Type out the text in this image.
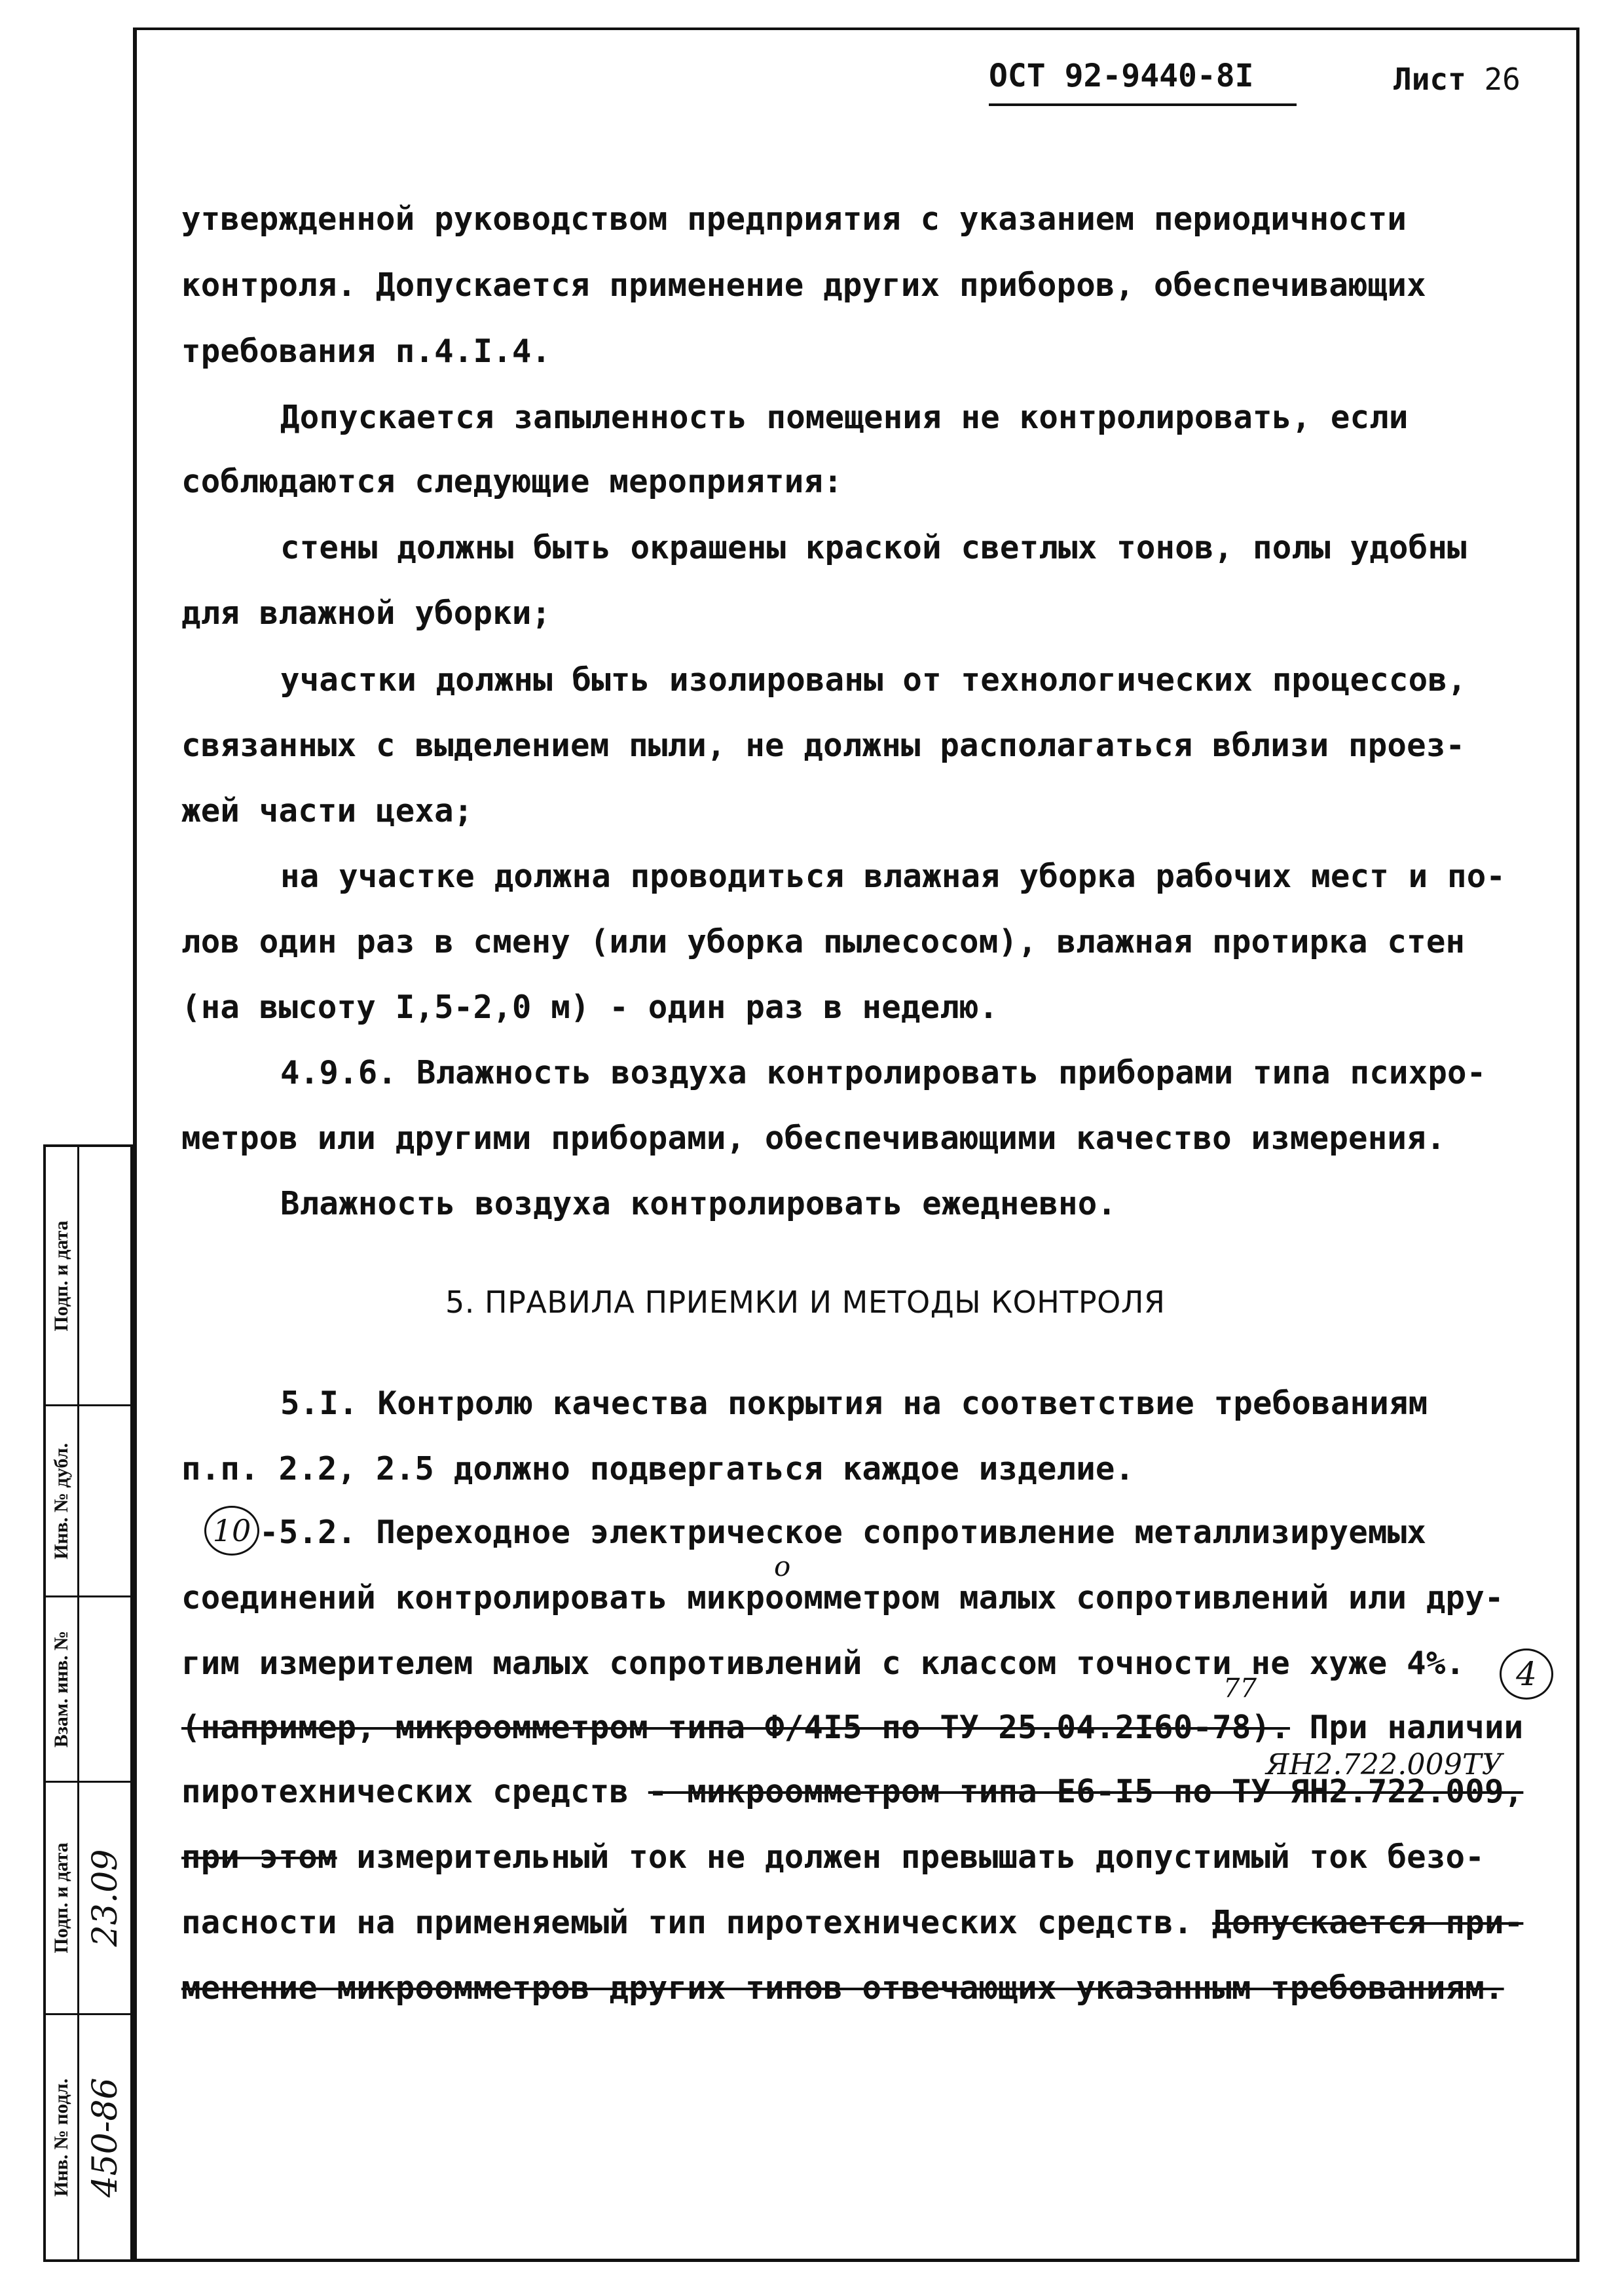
ОСТ 92-9440-8I	Лист 26
утвержденной руководством предприятия с указанием периодичности
контроля. Допускается применение других приборов, обеспечивающих
требования п.4.I.4.
Допускается запыленность помещения не контролировать, если
соблюдаются следующие мероприятия:
стены должны быть окрашены краской светлых тонов, полы удобны
для влажной уборки;
участки должны быть изолированы от технологических процессов,
связанных с выделением пыли, не должны располагаться вблизи проез-
жей части цеха;
на участке должна проводиться влажная уборка рабочих мест и по-
лов один раз в смену (или уборка пылесосом), влажная протирка стен
(на высоту I,5-2,0 м) - один раз в неделю.
4.9.6. Влажность воздуха контролировать приборами типа психро-
метров или другими приборами, обеспечивающими качество измерения.
Влажность воздуха контролировать ежедневно.
5. ПРАВИЛА ПРИЕМКИ И МЕТОДЫ КОНТРОЛЯ
5.I. Контролю качества покрытия на соответствие требованиям
п.п. 2.2, 2.5 должно подвергаться каждое изделие.
10 -5.2. Переходное электрическое сопротивление металлизируемых
о
соединений контролировать микроомметром малых сопротивлений или дру-
гим измерителем малых сопротивлений с классом точности не хуже 4%. 4
77
(например, микроомметром типа Ф/4I5 по ТУ 25.04.2I60-78). При наличии
ЯН2.722.009ТУ
пиротехнических средств - микроомметром типа Е6-I5 по ТУ ЯН2.722.009,
при этом измерительный ток не должен превышать допустимый ток безо-
пасности на применяемый тип пиротехнических средств. Допускается при-
менение микроомметров других типов отвечающих указанным требованиям.
Подп. и дата
Инв. № дубл.
Взам. инв. №
Подп. и дата 23.09
Инв. № подл. 450-86
